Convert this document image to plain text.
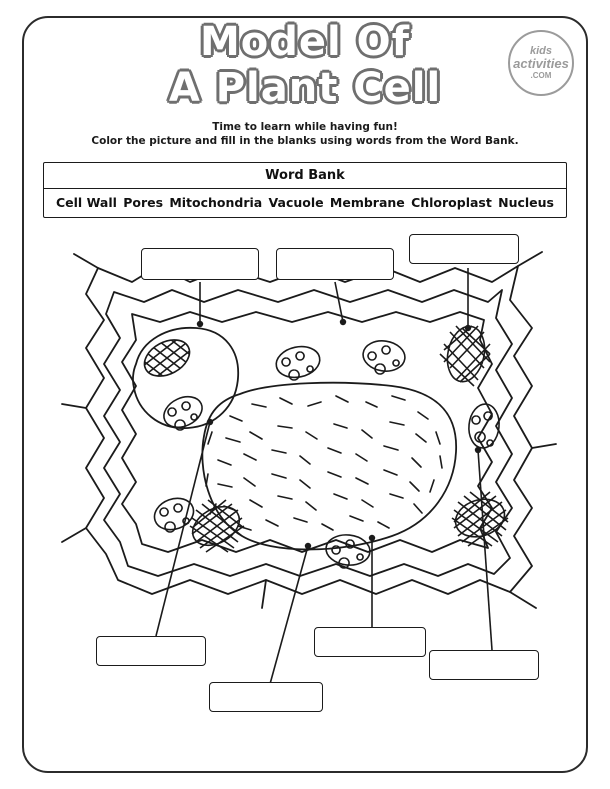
Model Of
A Plant Cell
kids
activities
.COM
Time to learn while having fun!
Color the picture and fill in the blanks using words from the Word Bank.
Word Bank
Cell Wall Pores Mitochondria Vacuole Membrane Chloroplast Nucleus
